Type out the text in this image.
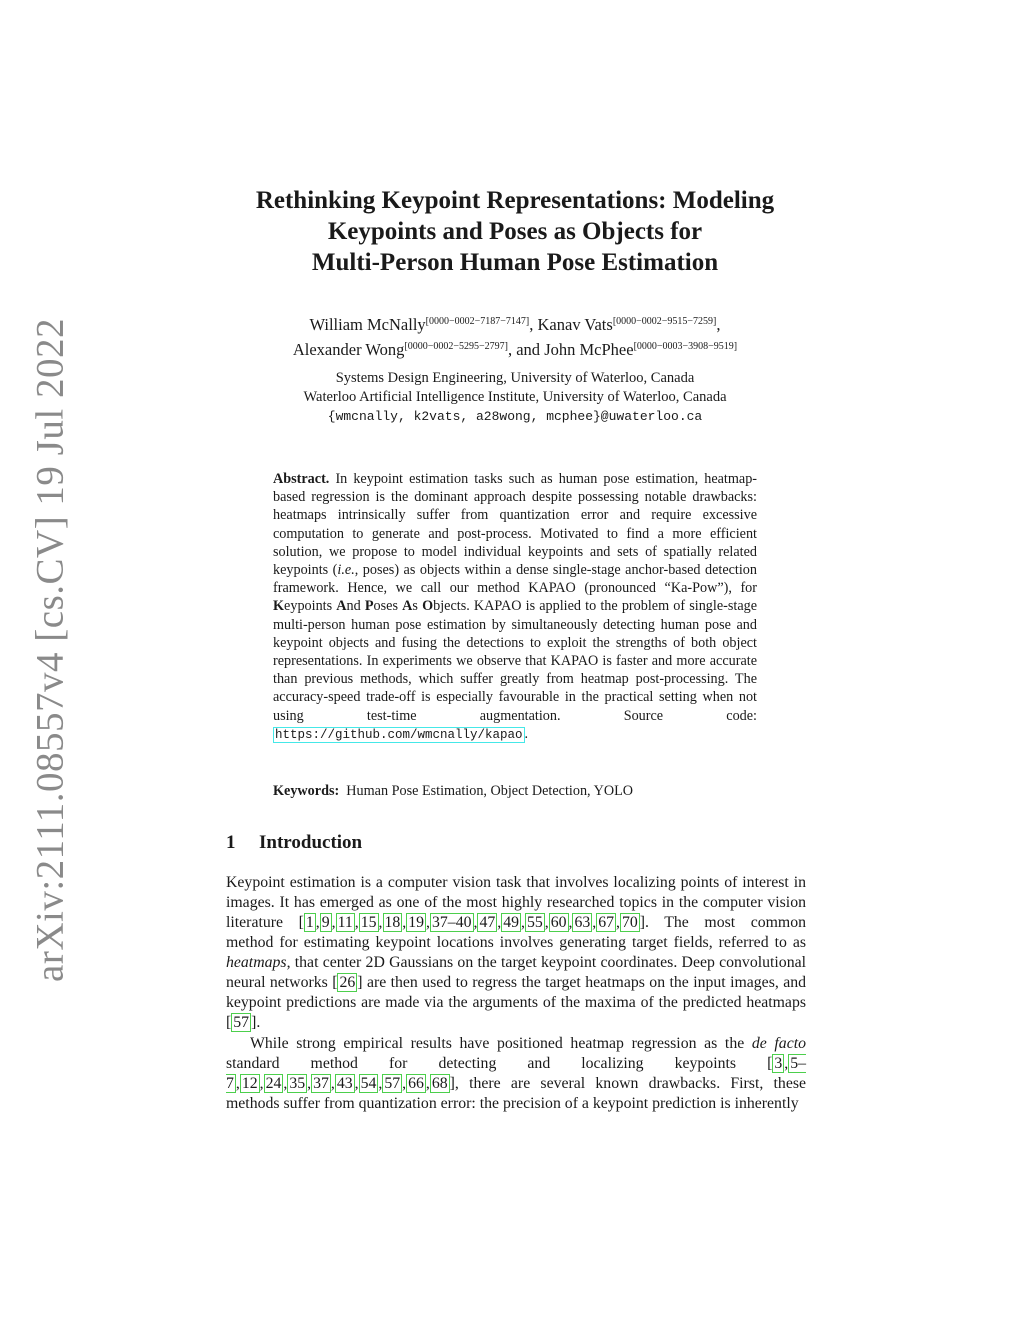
arXiv:2111.08557v4 [cs.CV] 19 Jul 2022
Rethinking Keypoint Representations: Modeling
Keypoints and Poses as Objects for
Multi-Person Human Pose Estimation
William McNally[0000−0002−7187−7147], Kanav Vats[0000−0002−9515−7259],
Alexander Wong[0000−0002−5295−2797], and John McPhee[0000−0003−3908−9519]
Systems Design Engineering, University of Waterloo, Canada
Waterloo Artificial Intelligence Institute, University of Waterloo, Canada
{wmcnally, k2vats, a28wong, mcphee}@uwaterloo.ca
Abstract. In keypoint estimation tasks such as human pose estimation, heatmap-based regression is the dominant approach despite possessing notable drawbacks: heatmaps intrinsically suffer from quantization error and require excessive computation to generate and post-process. Motivated to find a more efficient solution, we propose to model individual keypoints and sets of spatially related keypoints (i.e., poses) as objects within a dense single-stage anchor-based detection framework. Hence, we call our method KAPAO (pronounced “Ka-Pow”), for Keypoints And Poses As Objects. KAPAO is applied to the problem of single-stage multi-person human pose estimation by simultaneously detecting human pose and keypoint objects and fusing the detections to exploit the strengths of both object representations. In experiments we observe that KAPAO is faster and more accurate than previous methods, which suffer greatly from heatmap post-processing. The accuracy-speed trade-off is especially favourable in the practical setting when not using test-time augmentation. Source code: https://github.com/wmcnally/kapao .
Keywords: Human Pose Estimation, Object Detection, YOLO
1 Introduction
Keypoint estimation is a computer vision task that involves localizing points of interest in images. It has emerged as one of the most highly researched topics in the computer vision literature [ 1 , 9 , 11 , 15 , 18 , 19 , 37–40 , 47 , 49 , 55 , 60 , 63 , 67 , 70 ]. The most common method for estimating keypoint locations involves generating target fields, referred to as heatmaps, that center 2D Gaussians on the target keypoint coordinates. Deep convolutional neural networks [ 26 ] are then used to regress the target heatmaps on the input images, and keypoint predictions are made via the arguments of the maxima of the predicted heatmaps [ 57 ].
While strong empirical results have positioned heatmap regression as the de facto standard method for detecting and localizing keypoints [ 3 , 5–7 , 12 , 24 , 35 , 37 , 43 , 54 , 57 , 66 , 68 ], there are several known drawbacks. First, these methods suffer from quantization error: the precision of a keypoint prediction is inherently
